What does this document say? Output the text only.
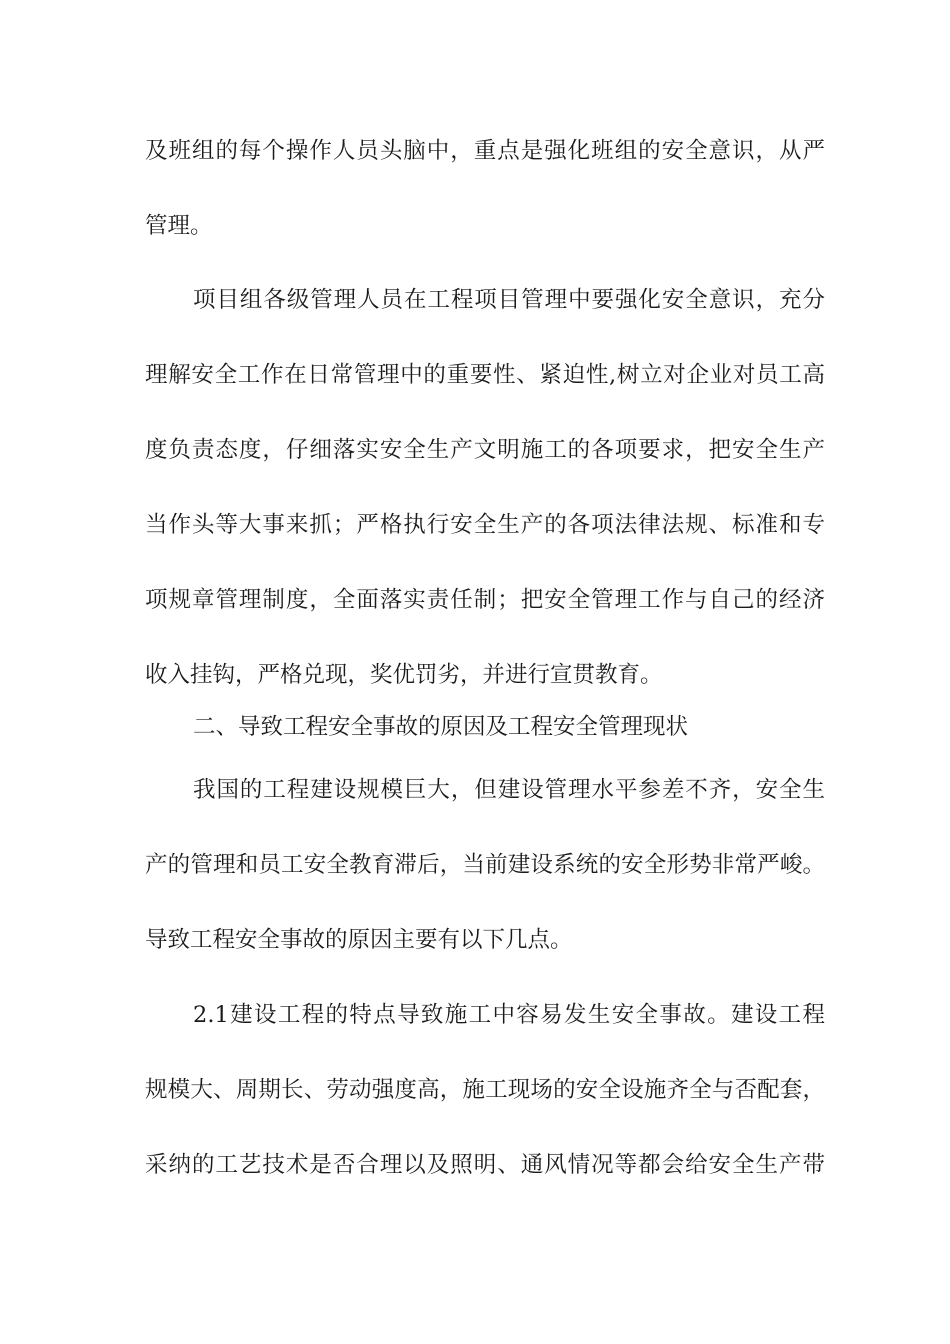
及班组的每个操作人员头脑中，重点是强化班组的安全意识，从严
管理。
项目组各级管理人员在工程项目管理中要强化安全意识，充分
理解安全工作在日常管理中的重要性、紧迫性,树立对企业对员工高
度负责态度，仔细落实安全生产文明施工的各项要求，把安全生产
当作头等大事来抓；严格执行安全生产的各项法律法规、标准和专
项规章管理制度，全面落实责任制；把安全管理工作与自己的经济
收入挂钩，严格兑现，奖优罚劣，并进行宣贯教育。
二、导致工程安全事故的原因及工程安全管理现状
我国的工程建设规模巨大，但建设管理水平参差不齐，安全生
产的管理和员工安全教育滞后，当前建设系统的安全形势非常严峻。
导致工程安全事故的原因主要有以下几点。
2.1建设工程的特点导致施工中容易发生安全事故。建设工程
规模大、周期长、劳动强度高，施工现场的安全设施齐全与否配套，
采纳的工艺技术是否合理以及照明、通风情况等都会给安全生产带
